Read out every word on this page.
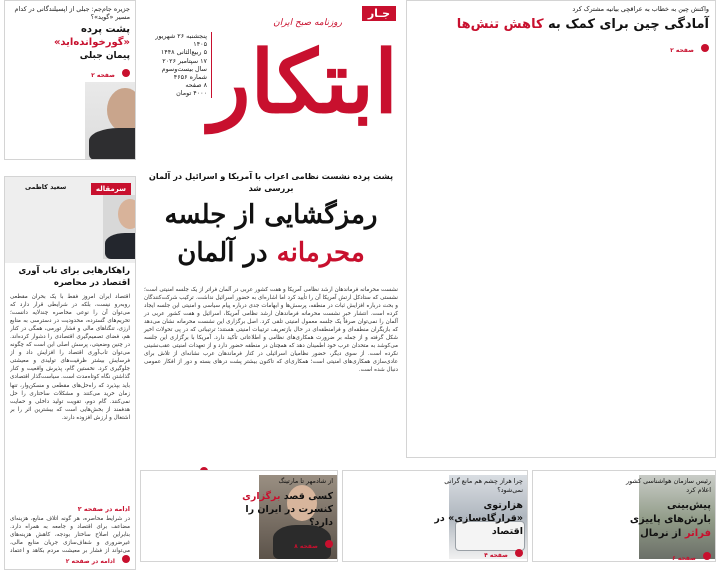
جـار
ابتکار
روزنامه صبح ایران
پنجشنبه ۲۶ شهریور ۱۴۰۵
۵ ربیع‌الثانی ۱۴۴۸
۱۷ سپتامبر ۲۰۲۶
سال بیست‌وسوم
شماره ۴۶۵۶
۸ صفحه
۴۰۰۰ تومان
جزیره جام‌جم: جبلی از اپسیلندگانی در کدام مسیر «گوید»؟
پشت پرده «گورخوانده‌اید»
پیمان جبلی
صفحه ۲
سرمقاله
سعید کاظمی
راهکارهایی برای تاب آوری اقتصاد در محاصره
اقتصاد ایران امروز فقط با یک بحران مقطعی روبه‌رو نیست، بلکه در شرایطی قرار دارد که می‌توان آن را نوعی محاصره چندلایه دانست؛ تحریم‌های گسترده، محدودیت در دسترسی به منابع ارزی، تنگناهای مالی و فشار تورمی، همگی در کنار هم، فضای تصمیم‌گیری اقتصادی را دشوار کرده‌اند. در چنین وضعیتی، پرسش اصلی این است که چگونه می‌توان تاب‌آوری اقتصاد را افزایش داد و از فرسایش بیشتر ظرفیت‌های تولیدی و معیشتی جلوگیری کرد. نخستین گام، پذیرش واقعیت و کنار گذاشتن نگاه کوتاه‌مدت است. سیاست‌گذار اقتصادی باید بپذیرد که راه‌حل‌های مقطعی و مسکن‌وار، تنها زمان خرید می‌کنند و مشکلات ساختاری را حل نمی‌کنند. گام دوم، تقویت تولید داخلی و حمایت هدفمند از بخش‌هایی است که بیشترین اثر را بر اشتغال و ارزش افزوده دارند.
ادامه در صفحه ۲
در شرایط محاصره، هر گونه اتلاف منابع، هزینه‌ای مضاعف برای اقتصاد و جامعه به همراه دارد. بنابراین اصلاح ساختار بودجه، کاهش هزینه‌های غیرضروری و شفاف‌سازی جریان منابع مالی، می‌تواند از فشار بر معیشت مردم بکاهد و اعتماد
ادامه در صفحه ۲
پشت پرده نشست نظامی اعراب با آمریکا و اسرائیل در آلمان بررسی شد
رمزگشایی از جلسه
محرمانه در آلمان
نشست محرمانه فرماندهان ارشد نظامی آمریکا و هفت کشور عربی در آلمان فراتر از یک جلسه امنیتی است؛ نشستی که ستادکل ارتش آمریکا آن را تأیید کرد اما اشاره‌ای به حضور اسرائیل نداشت. ترکیب شرکت‌کنندگان و بحث درباره افزایش ثبات در منطقه، پرسش‌ها و ابهامات جدی درباره پیام سیاسی و امنیتی این جلسه ایجاد کرده است. انتشار خبر نشست محرمانه فرماندهان ارشد نظامی آمریکا، اسرائیل و هفت کشور عربی در آلمان را نمی‌توان صرفاً یک جلسه معمول امنیتی تلقی کرد. اصل برگزاری این نشست محرمانه نشان می‌دهد که بازیگران منطقه‌ای و فرامنطقه‌ای در حال بازتعریف ترتیبات امنیتی هستند؛ ترتیباتی که در پی تحولات اخیر شکل گرفته و از جمله بر ضرورت همکاری‌های نظامی و اطلاعاتی تأکید دارد. آمریکا با برگزاری این جلسه می‌کوشد به متحدان عرب خود اطمینان دهد که همچنان در منطقه حضور دارد و از تعهدات امنیتی عقب‌نشینی نکرده است. از سوی دیگر، حضور نظامیان اسرائیلی در کنار فرماندهان عرب نشانه‌ای از تلاش برای عادی‌سازی همکاری‌های امنیتی است؛ همکاری‌ای که تاکنون بیشتر پشت درهای بسته و دور از افکار عمومی دنبال شده است.
واکنش چین به خطاب به عراقچی بیانیه مشترک کرد
آمادگی چین برای کمک به کاهش تنش‌ها
صفحه ۲
رئیس سازمان هواشناسی کشور اعلام کرد
پیش‌بینی بارش‌های پاییزی فراتر از نرمال
صفحه ۶
چرا هراز چشم هم مانع گرانی نمی‌شود؟
هزارتوی «قرارگاه‌سازی» در اقتصاد
صفحه ۴
از شادمهر تا مارتینگ
کسی قصد برگزاری کنسرت در ایران را دارد؟
صفحه ۸
